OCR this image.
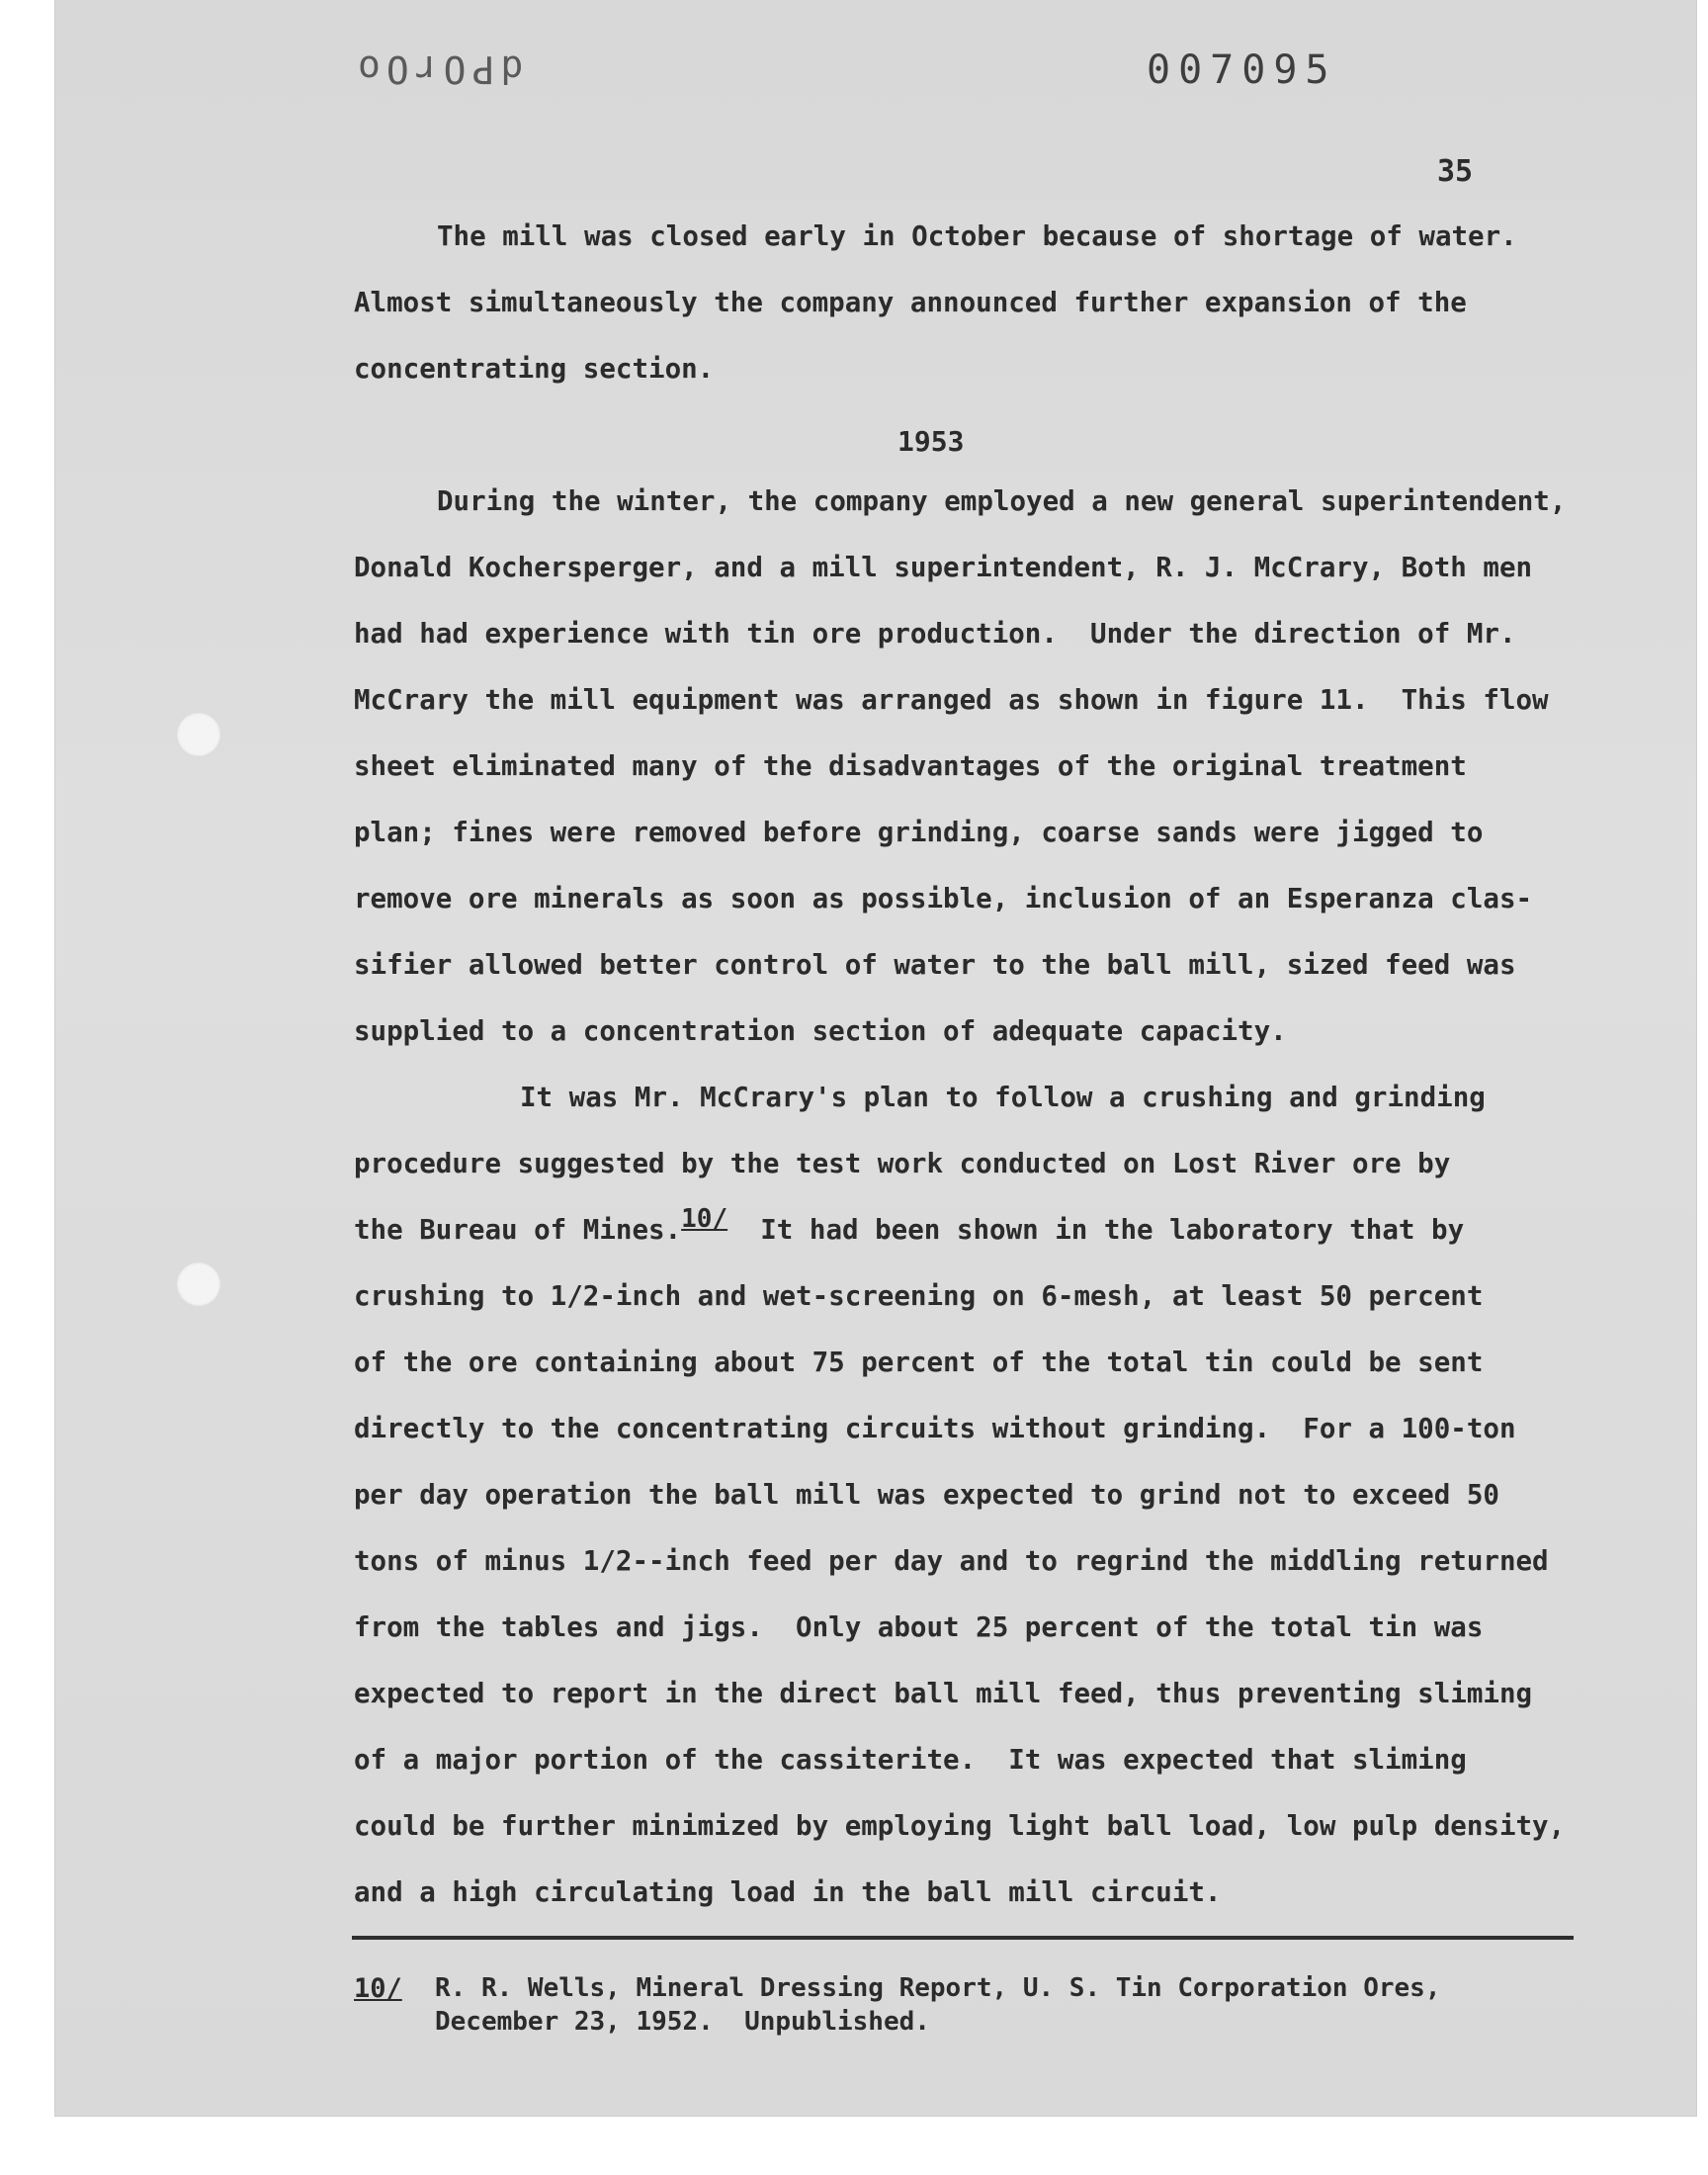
dPOrOo	007095
35
The mill was closed early in October because of shortage of water.
Almost simultaneously the company announced further expansion of the
concentrating section.
1953
During the winter, the company employed a new general superintendent,
Donald Kochersperger, and a mill superintendent, R. J. McCrary, Both men
had had experience with tin ore production.  Under the direction of Mr.
McCrary the mill equipment was arranged as shown in figure 11.  This flow
sheet eliminated many of the disadvantages of the original treatment
plan; fines were removed before grinding, coarse sands were jigged to
remove ore minerals as soon as possible, inclusion of an Esperanza clas-
sifier allowed better control of water to the ball mill, sized feed was
supplied to a concentration section of adequate capacity.
It was Mr. McCrary's plan to follow a crushing and grinding
procedure suggested by the test work conducted on Lost River ore by
the Bureau of Mines.10/  It had been shown in the laboratory that by
crushing to 1/2-inch and wet-screening on 6-mesh, at least 50 percent
of the ore containing about 75 percent of the total tin could be sent
directly to the concentrating circuits without grinding.  For a 100-ton
per day operation the ball mill was expected to grind not to exceed 50
tons of minus 1/2--inch feed per day and to regrind the middling returned
from the tables and jigs.  Only about 25 percent of the total tin was
expected to report in the direct ball mill feed, thus preventing sliming
of a major portion of the cassiterite.  It was expected that sliming
could be further minimized by employing light ball load, low pulp density,
and a high circulating load in the ball mill circuit.
10/ R. R. Wells, Mineral Dressing Report, U. S. Tin Corporation Ores,
December 23, 1952.  Unpublished.
